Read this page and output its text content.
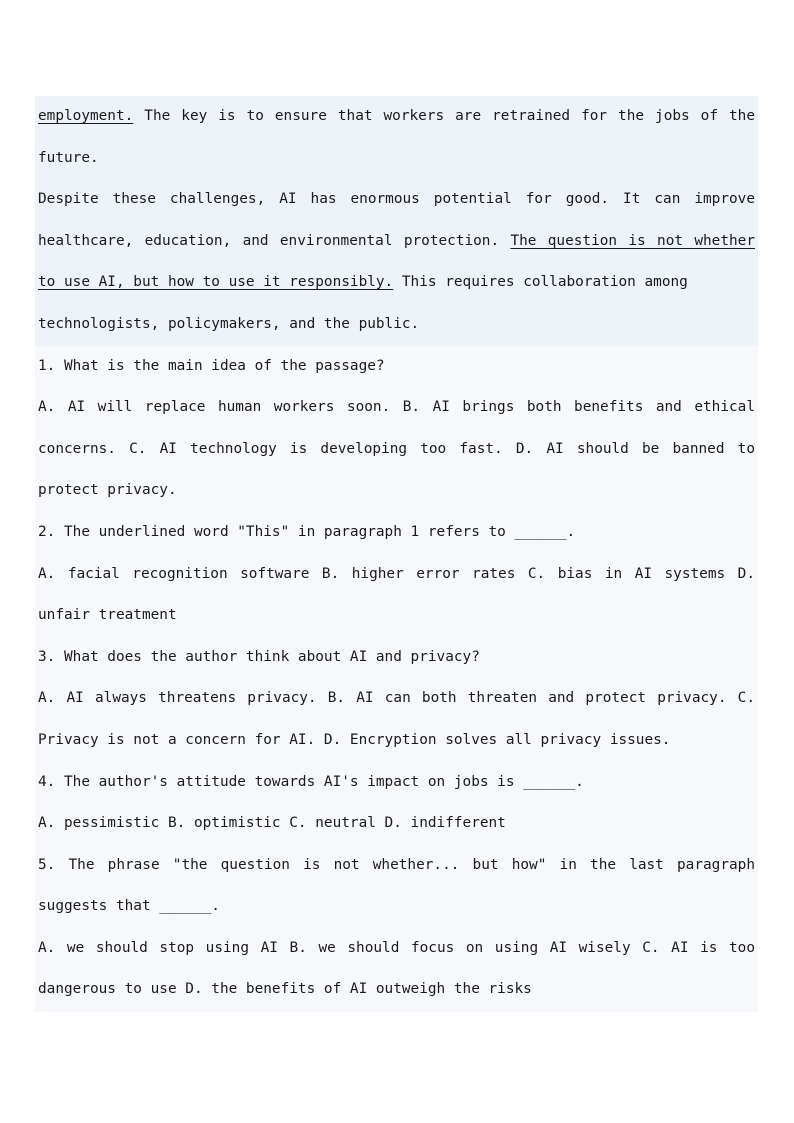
employment. The key is to ensure that workers are retrained for the jobs of the
future.
Despite these challenges, AI has enormous potential for good. It can improve
healthcare, education, and environmental protection. The question is not whether
to use AI, but how to use it responsibly. This requires collaboration among
technologists, policymakers, and the public.
1. What is the main idea of the passage?
A. AI will replace human workers soon. B. AI brings both benefits and ethical
concerns. C. AI technology is developing too fast. D. AI should be banned to
protect privacy.
2. The underlined word "This" in paragraph 1 refers to ______.
A. facial recognition software B. higher error rates C. bias in AI systems D.
unfair treatment
3. What does the author think about AI and privacy?
A. AI always threatens privacy. B. AI can both threaten and protect privacy. C.
Privacy is not a concern for AI. D. Encryption solves all privacy issues.
4. The author's attitude towards AI's impact on jobs is ______.
A. pessimistic B. optimistic C. neutral D. indifferent
5. The phrase "the question is not whether... but how" in the last paragraph
suggests that ______.
A. we should stop using AI B. we should focus on using AI wisely C. AI is too
dangerous to use D. the benefits of AI outweigh the risks
